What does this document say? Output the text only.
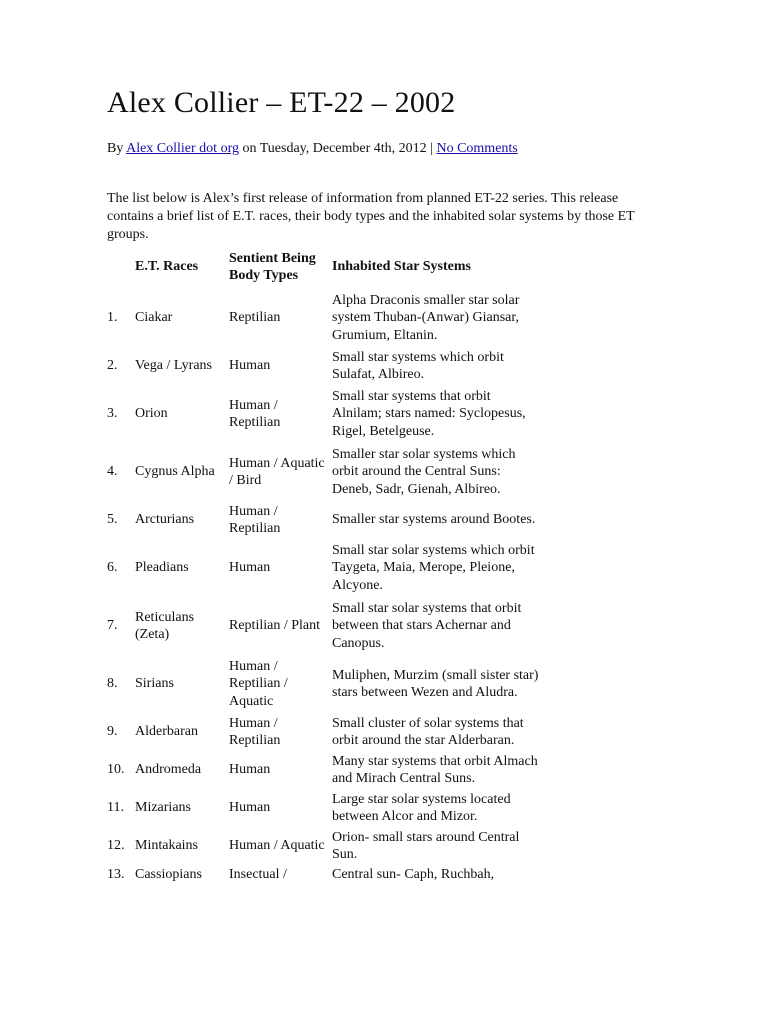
Alex Collier – ET-22 – 2002
By Alex Collier dot org on Tuesday, December 4th, 2012 | No Comments

The list below is Alex’s first release of information from planned ET-22 series. This release contains a brief list of E.T. races, their body types and the inhabited solar systems by those ET groups.

	E.T. Races	Sentient Being Body Types	Inhabited Star Systems
1.	Ciakar	Reptilian	Alpha Draconis smaller star solar system Thuban-(Anwar) Giansar, Grumium, Eltanin.
2.	Vega / Lyrans	Human	Small star systems which orbit Sulafat, Albireo.
3.	Orion	Human / Reptilian	Small star systems that orbit Alnilam; stars named: Syclopesus, Rigel, Betelgeuse.
4.	Cygnus Alpha	Human / Aquatic / Bird	Smaller star solar systems which orbit around the Central Suns: Deneb, Sadr, Gienah, Albireo.
5.	Arcturians	Human / Reptilian	Smaller star systems around Bootes.
6.	Pleadians	Human	Small star solar systems which orbit Taygeta, Maia, Merope, Pleione, Alcyone.
7.	Reticulans (Zeta)	Reptilian / Plant	Small star solar systems that orbit between that stars Achernar and Canopus.
8.	Sirians	Human / Reptilian / Aquatic	Muliphen, Murzim (small sister star) stars between Wezen and Aludra.
9.	Alderbaran	Human / Reptilian	Small cluster of solar systems that orbit around the star Alderbaran.
10.	Andromeda	Human	Many star systems that orbit Almach and Mirach Central Suns.
11.	Mizarians	Human	Large star solar systems located between Alcor and Mizor.
12.	Mintakains	Human / Aquatic	Orion- small stars around Central Sun.
13.	Cassiopians	Insectual /	Central sun- Caph, Ruchbah,
